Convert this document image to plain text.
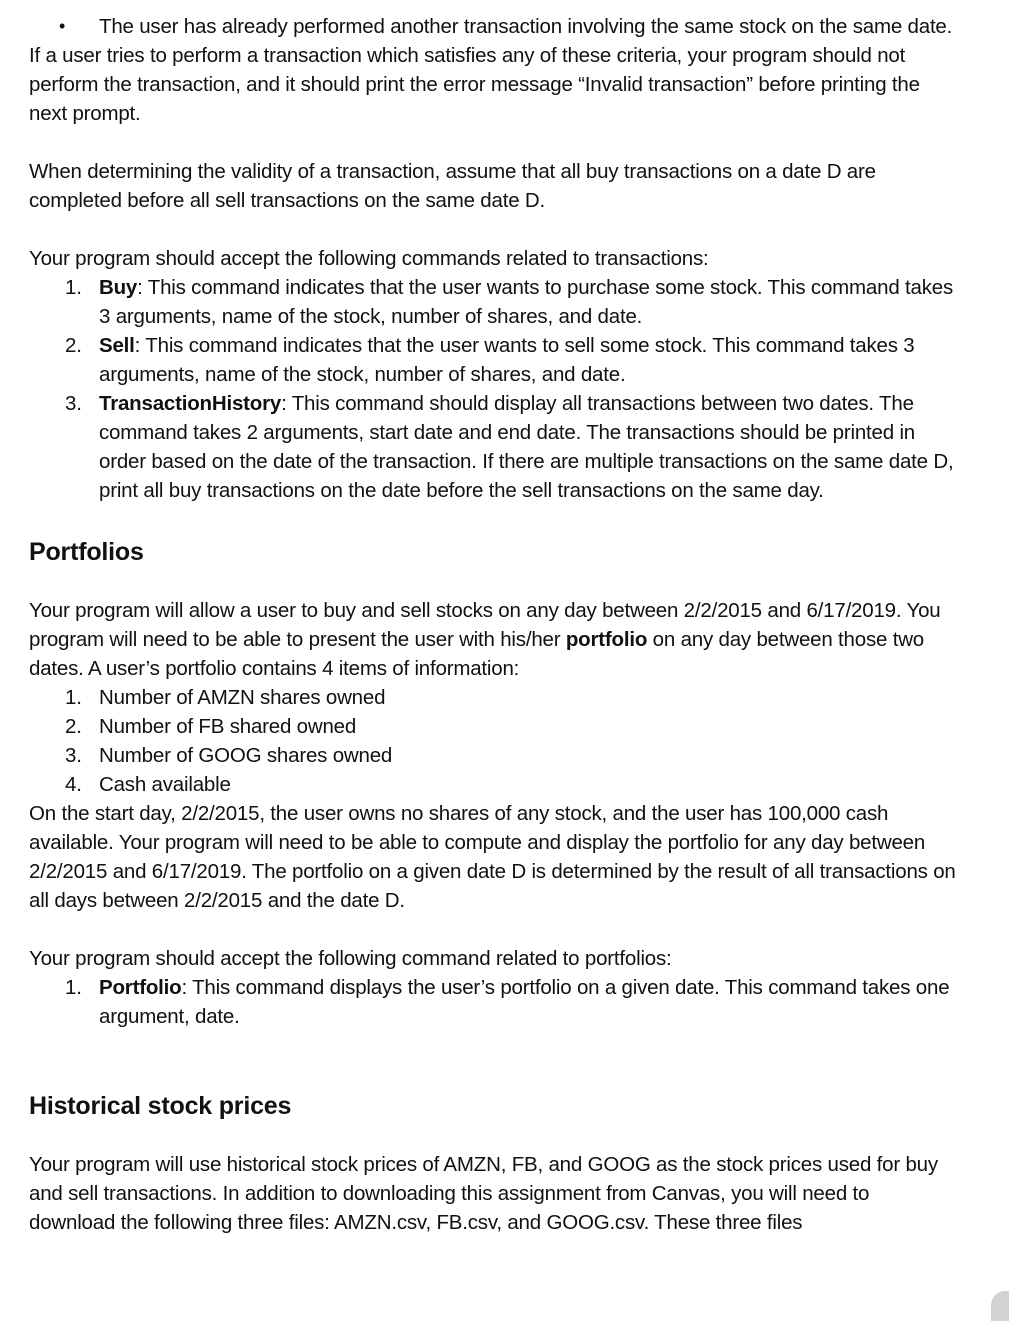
• The user has already performed another transaction involving the same stock on the same date.

If a user tries to perform a transaction which satisfies any of these criteria, your program should not perform the transaction, and it should print the error message “Invalid transaction” before printing the next prompt.

When determining the validity of a transaction, assume that all buy transactions on a date D are completed before all sell transactions on the same date D.

Your program should accept the following commands related to transactions:

1. Buy: This command indicates that the user wants to purchase some stock. This command takes 3 arguments, name of the stock, number of shares, and date.
2. Sell: This command indicates that the user wants to sell some stock. This command takes 3 arguments, name of the stock, number of shares, and date.
3. TransactionHistory: This command should display all transactions between two dates. The command takes 2 arguments, start date and end date. The transactions should be printed in order based on the date of the transaction. If there are multiple transactions on the same date D, print all buy transactions on the date before the sell transactions on the same day.
Portfolios

Your program will allow a user to buy and sell stocks on any day between 2/2/2015 and 6/17/2019. You program will need to be able to present the user with his/her portfolio on any day between those two dates. A user’s portfolio contains 4 items of information:

1. Number of AMZN shares owned
2. Number of FB shared owned
3. Number of GOOG shares owned
4. Cash available

On the start day, 2/2/2015, the user owns no shares of any stock, and the user has 100,000 cash available. Your program will need to be able to compute and display the portfolio for any day between 2/2/2015 and 6/17/2019. The portfolio on a given date D is determined by the result of all transactions on all days between 2/2/2015 and the date D.

Your program should accept the following command related to portfolios:

1. Portfolio: This command displays the user’s portfolio on a given date. This command takes one argument, date.
Historical stock prices

Your program will use historical stock prices of AMZN, FB, and GOOG as the stock prices used for buy and sell transactions. In addition to downloading this assignment from Canvas, you will need to download the following three files: AMZN.csv, FB.csv, and GOOG.csv. These three files
